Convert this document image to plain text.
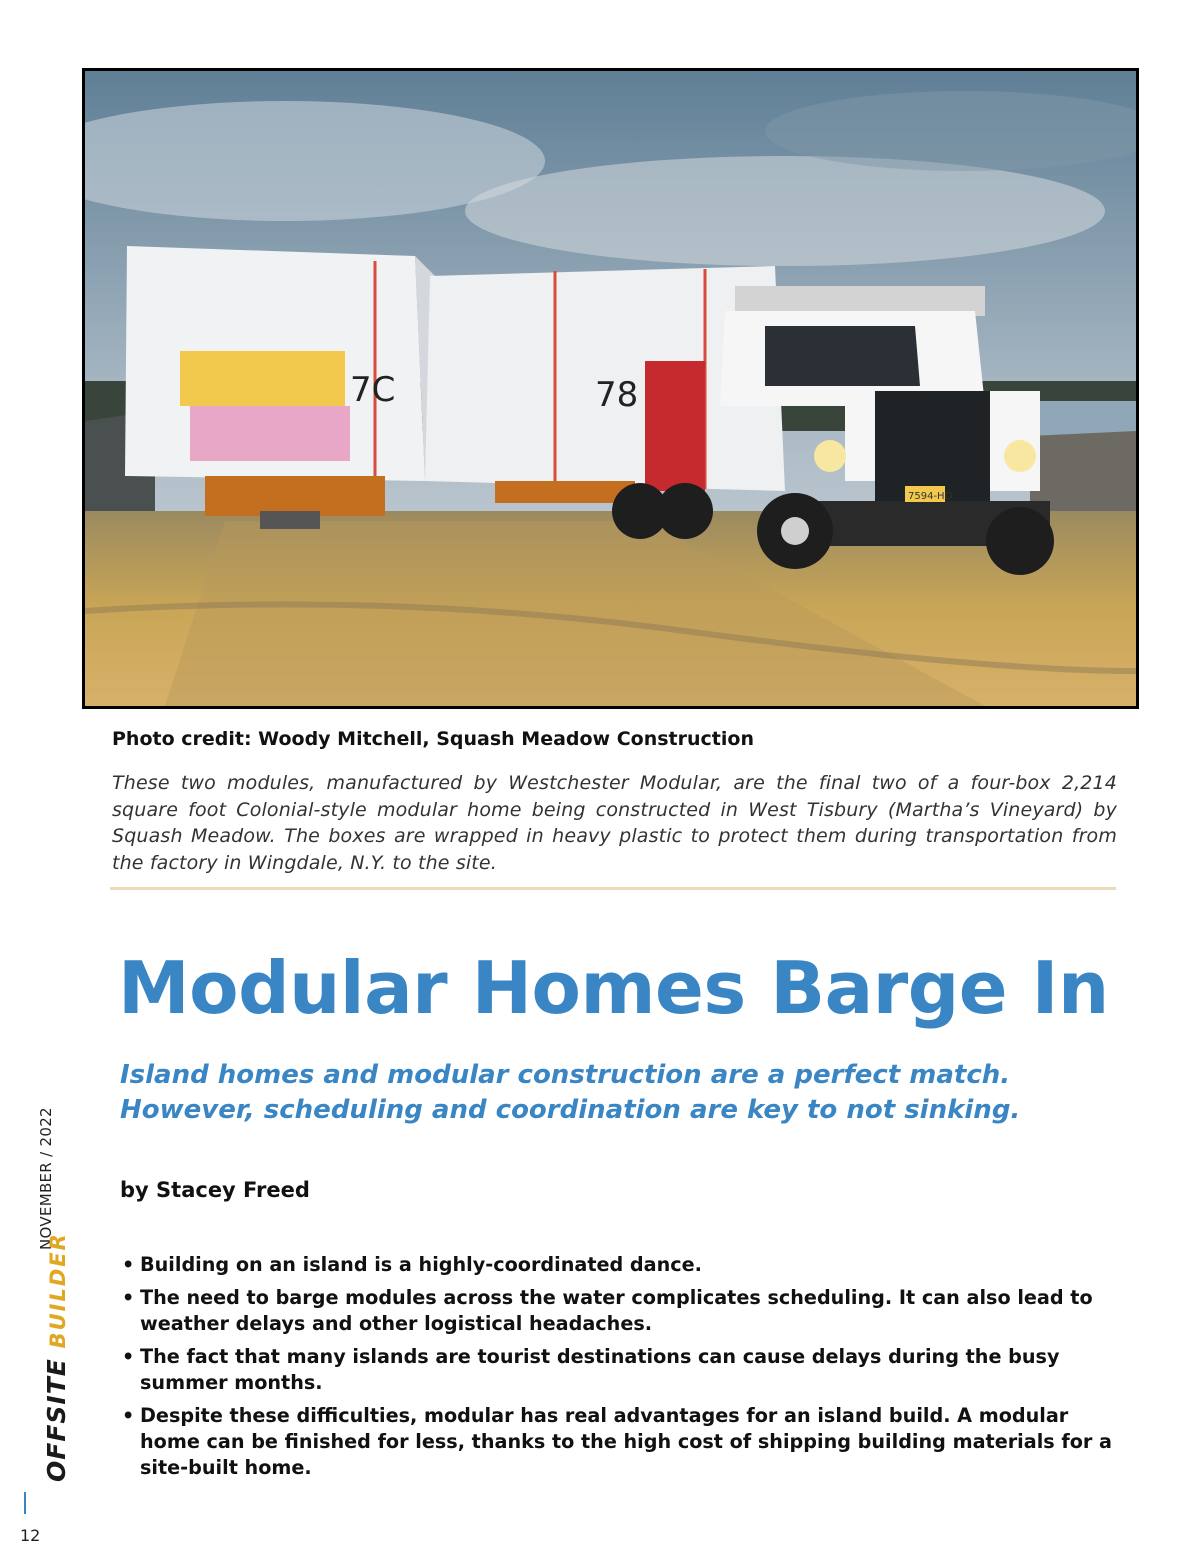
7C	78
7594-HD
Photo credit: Woody Mitchell, Squash Meadow Construction

These two modules, manufactured by Westchester Modular, are the final two of a four-box 2,214 square foot Colonial-style modular home being constructed in West Tisbury (Martha’s Vineyard) by Squash Meadow. The boxes are wrapped in heavy plastic to protect them during transportation from the factory in Wingdale, N.Y. to the site.

Modular Homes Barge In
Island homes and modular construction are a perfect match.
However, scheduling and coordination are key to not sinking.
by Stacey Freed
• Building on an island is a highly-coordinated dance.
• The need to barge modules across the water complicates scheduling. It can also lead to weather delays and other logistical headaches.
• The fact that many islands are tourist destinations can cause delays during the busy summer months.
• Despite these difficulties, modular has real advantages for an island build. A modular home can be finished for less, thanks to the high cost of shipping building materials for a site-built home.
NOVEMBER / 2022
OFFSITE BUILDER
12
